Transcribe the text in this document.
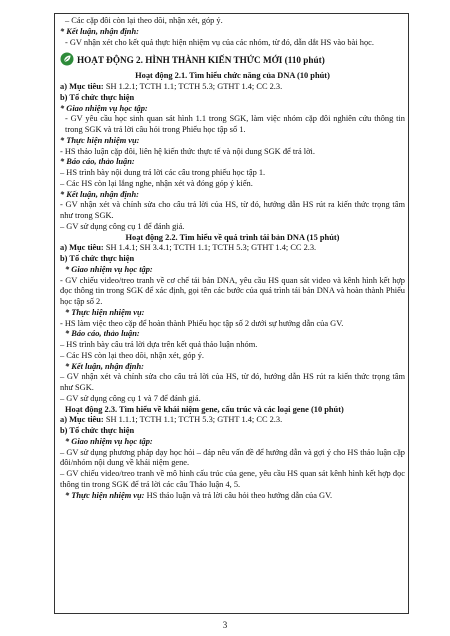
– Các cặp đôi còn lại theo dõi, nhận xét, góp ý.
* Kết luận, nhận định:
- GV nhận xét cho kết quả thực hiện nhiệm vụ của các nhóm, từ đó, dẫn dắt HS vào bài học.
HOẠT ĐỘNG 2. HÌNH THÀNH KIẾN THỨC MỚI (110 phút)
Hoạt động 2.1. Tìm hiểu chức năng của DNA (10 phút)
a) Mục tiêu: SH 1.2.1; TCTH 1.1; TCTH 5.3; GTHT 1.4; CC 2.3.
b) Tổ chức thực hiện
* Giao nhiệm vụ học tập:
- GV yêu cầu học sinh quan sát hình 1.1 trong SGK, làm việc nhóm cặp đôi nghiên cứu thông tin trong SGK và trả lời câu hỏi trong Phiếu học tập số 1.
* Thực hiện nhiệm vụ:
- HS thảo luận cặp đôi, liên hệ kiến thức thực tế và nội dung SGK để trả lời.
* Báo cáo, thảo luận:
– HS trình bày nội dung trả lời các câu trong phiếu học tập 1.
– Các HS còn lại lắng nghe, nhận xét và đóng góp ý kiến.
* Kết luận, nhận định:
- GV nhận xét và chính sửa cho câu trả lời của HS, từ đó, hướng dẫn HS rút ra kiến thức trọng tâm như trong SGK.
– GV sử dụng công cụ 1 để đánh giá.
Hoạt động 2.2. Tìm hiểu về quá trình tái bản DNA (15 phút)
a) Mục tiêu: SH 1.4.1; SH 3.4.1; TCTH 1.1; TCTH 5.3; GTHT 1.4; CC 2.3.
b) Tổ chức thực hiện
* Giao nhiệm vụ học tập:
- GV chiếu video/treo tranh về cơ chế tái bản DNA, yêu cầu HS quan sát video và kênh hình kết hợp đọc thông tin trong SGK để xác định, gọi tên các bước của quá trình tái bản DNA và hoàn thành Phiếu học tập số 2.
* Thực hiện nhiệm vụ:
- HS làm việc theo cặp để hoàn thành Phiếu học tập số 2 dưới sự hướng dẫn của GV.
* Báo cáo, thảo luận:
– HS trình bày câu trả lời dựa trên kết quả thảo luận nhóm.
– Các HS còn lại theo dõi, nhận xét, góp ý.
* Kết luận, nhận định:
– GV nhận xét và chính sửa cho câu trả lời của HS, từ đó, hướng dẫn HS rút ra kiến thức trọng tâm như SGK.
– GV sử dụng công cụ 1 và 7 để đánh giá.
Hoạt động 2.3. Tìm hiểu về khái niệm gene, cấu trúc và các loại gene (10 phút)
a) Mục tiêu: SH 1.1.1; TCTH 1.1; TCTH 5.3; GTHT 1.4; CC 2.3.
b) Tổ chức thực hiện
* Giao nhiệm vụ học tập:
– GV sử dụng phương pháp dạy học hỏi – đáp nêu vấn đề để hướng dẫn và gợi ý cho HS thảo luận cặp đôi/nhóm nội dung về khái niệm gene.
– GV chiếu video/treo tranh về mô hình cấu trúc của gene, yêu cầu HS quan sát kênh hình kết hợp đọc thông tin trong SGK để trả lời các câu Thảo luận 4, 5.
* Thực hiện nhiệm vụ: HS thảo luận và trả lời câu hỏi theo hướng dẫn của GV.
3
